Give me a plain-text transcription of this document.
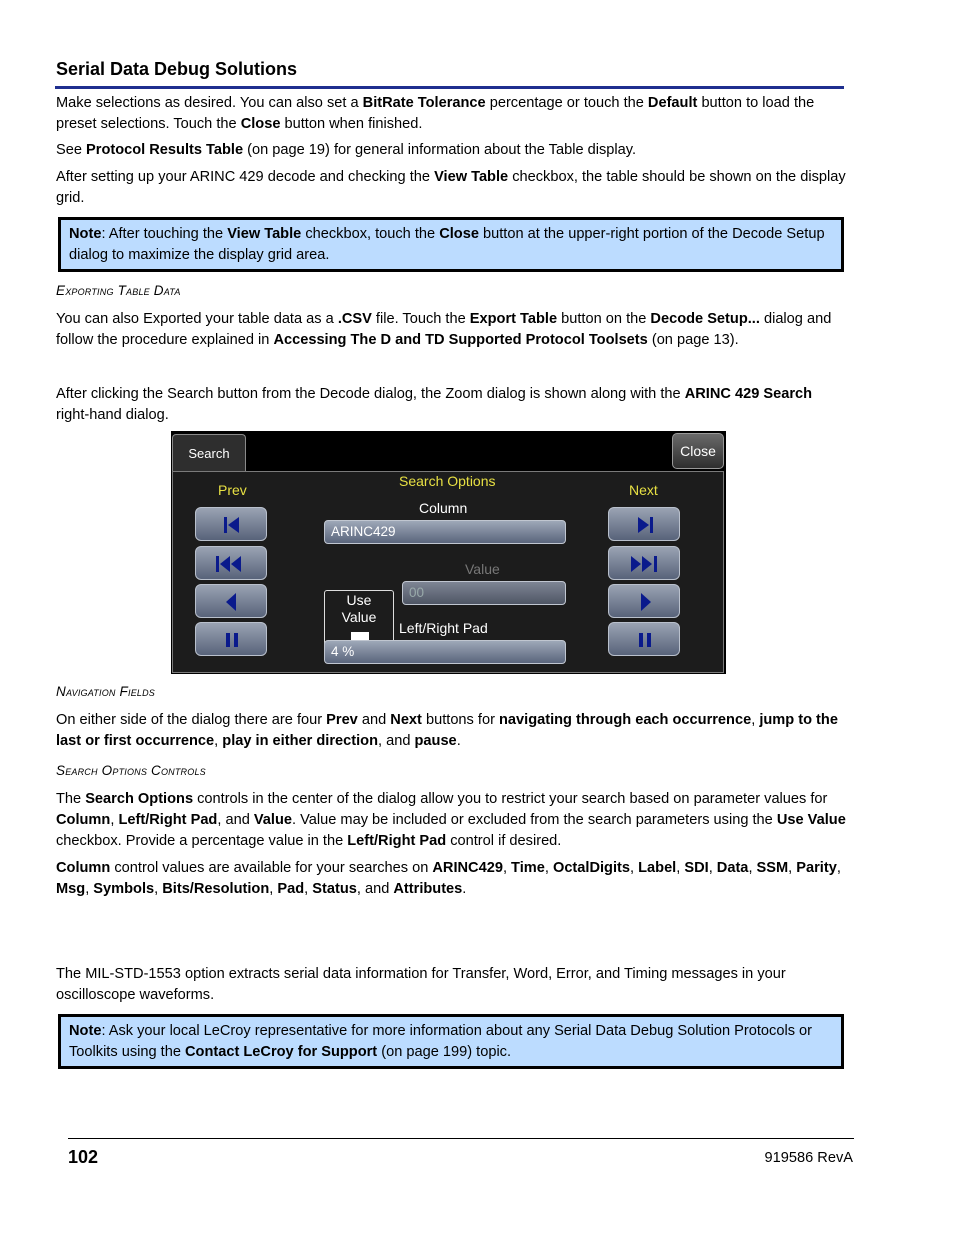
Serial Data Debug Solutions

Make selections as desired. You can also set a BitRate Tolerance percentage or touch the Default button to load the preset selections. Touch the Close button when finished.

See Protocol Results Table (on page 19) for general information about the Table display.

After setting up your ARINC 429 decode and checking the View Table checkbox, the table should be shown on the display grid.

Note: After touching the View Table checkbox, touch the Close button at the upper-right portion of the Decode Setup dialog to maximize the display grid area.
Exporting Table Data

You can also Exported your table data as a .CSV file. Touch the Export Table button on the Decode Setup... dialog and follow the procedure explained in Accessing The D and TD Supported Protocol Toolsets (on page 13).

After clicking the Search button from the Decode dialog, the Zoom dialog is shown along with the ARINC 429 Search right-hand dialog.

Search	Close
Prev	Next
Search Options
Column
ARINC429
Use Value
Value
00
Left/Right Pad
4 %
Navigation Fields

On either side of the dialog there are four Prev and Next buttons for navigating through each occurrence, jump to the last or first occurrence, play in either direction, and pause.

Search Options Controls

The Search Options controls in the center of the dialog allow you to restrict your search based on parameter values for Column, Left/Right Pad, and Value. Value may be included or excluded from the search parameters using the Use Value checkbox. Provide a percentage value in the Left/Right Pad control if desired.

Column control values are available for your searches on ARINC429, Time, OctalDigits, Label, SDI, Data, SSM, Parity, Msg, Symbols, Bits/Resolution, Pad, Status, and Attributes.

The MIL-STD-1553 option extracts serial data information for Transfer, Word, Error, and Timing messages in your oscilloscope waveforms.

Note: Ask your local LeCroy representative for more information about any Serial Data Debug Solution Protocols or Toolkits using the Contact LeCroy for Support (on page 199) topic.
102	919586 RevA
